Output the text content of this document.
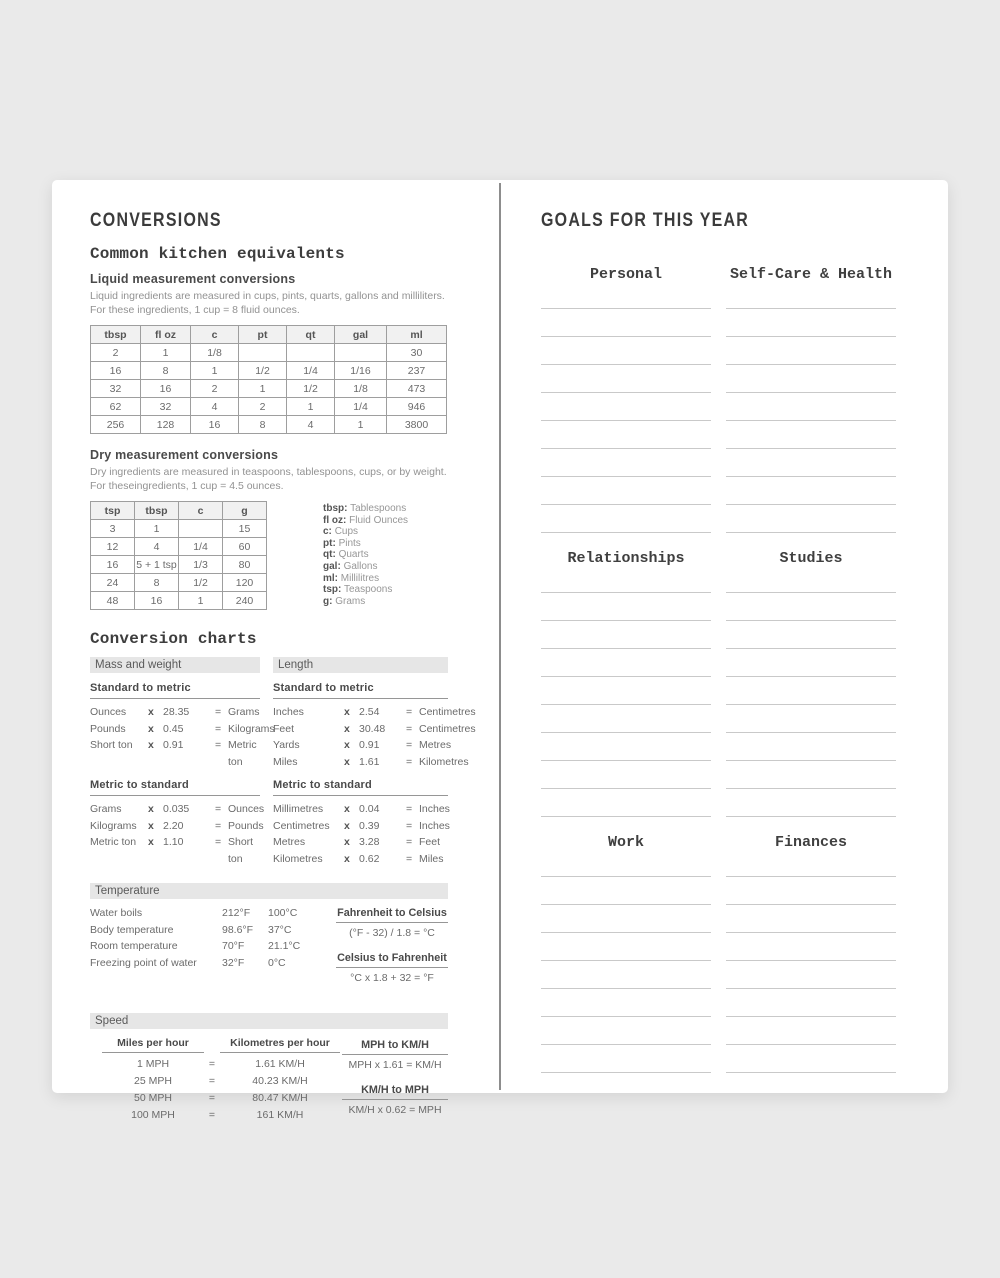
CONVERSIONS
Common kitchen equivalents
Liquid measurement conversions
Liquid ingredients are measured in cups, pints, quarts, gallons and milliliters.
For these ingredients, 1 cup = 8 fluid ounces.
tbsp	fl oz	c	pt	qt	gal	ml
2	1	1/8				30
16	8	1	1/2	1/4	1/16	237
32	16	2	1	1/2	1/8	473
62	32	4	2	1	1/4	946
256	128	16	8	4	1	3800
Dry measurement conversions
Dry ingredients are measured in teaspoons, tablespoons, cups, or by weight.
For theseingredients, 1 cup = 4.5 ounces.
tsp	tbsp	c	g
3	1		15
12	4	1/4	60
16	5 + 1 tsp	1/3	80
24	8	1/2	120
48	16	1	240
tbsp: Tablespoons
fl oz: Fluid Ounces
c: Cups
pt: Pints
qt: Quarts
gal: Gallons
ml: Millilitres
tsp: Teaspoons
g: Grams
Conversion charts
Mass and weight	Length
Standard to metric
Ounces	x 28.35	= Grams
Pounds	x 0.45	= Kilograms
Short ton	x 0.91	= Metric ton
Standard to metric
Inches	x 2.54	= Centimetres
Feet	x 30.48	= Centimetres
Yards	x 0.91	= Metres
Miles	x 1.61	= Kilometres
Metric to standard
Grams	x 0.035	= Ounces
Kilograms	x 2.20	= Pounds
Metric ton	x 1.10	= Short ton
Metric to standard
Millimetres	x 0.04	= Inches
Centimetres	x 0.39	= Inches
Metres	x 3.28	= Feet
Kilometres	x 0.62	= Miles
Temperature
Water boils	212°F	100°C
Body temperature	98.6°F	37°C
Room temperature	70°F	21.1°C
Freezing point of water	32°F	0°C
Fahrenheit to Celsius
(°F - 32) / 1.8 = °C
Celsius to Fahrenheit
°C x 1.8 + 32 = °F
Speed
Miles per hour	Kilometres per hour
1 MPH	=	1.61 KM/H
25 MPH	=	40.23 KM/H
50 MPH	=	80.47 KM/H
100 MPH	=	161 KM/H
MPH to KM/H
MPH x 1.61 = KM/H
KM/H to MPH
KM/H x 0.62 = MPH
GOALS FOR THIS YEAR
Personal	Self-Care & Health
Relationships	Studies
Work	Finances
